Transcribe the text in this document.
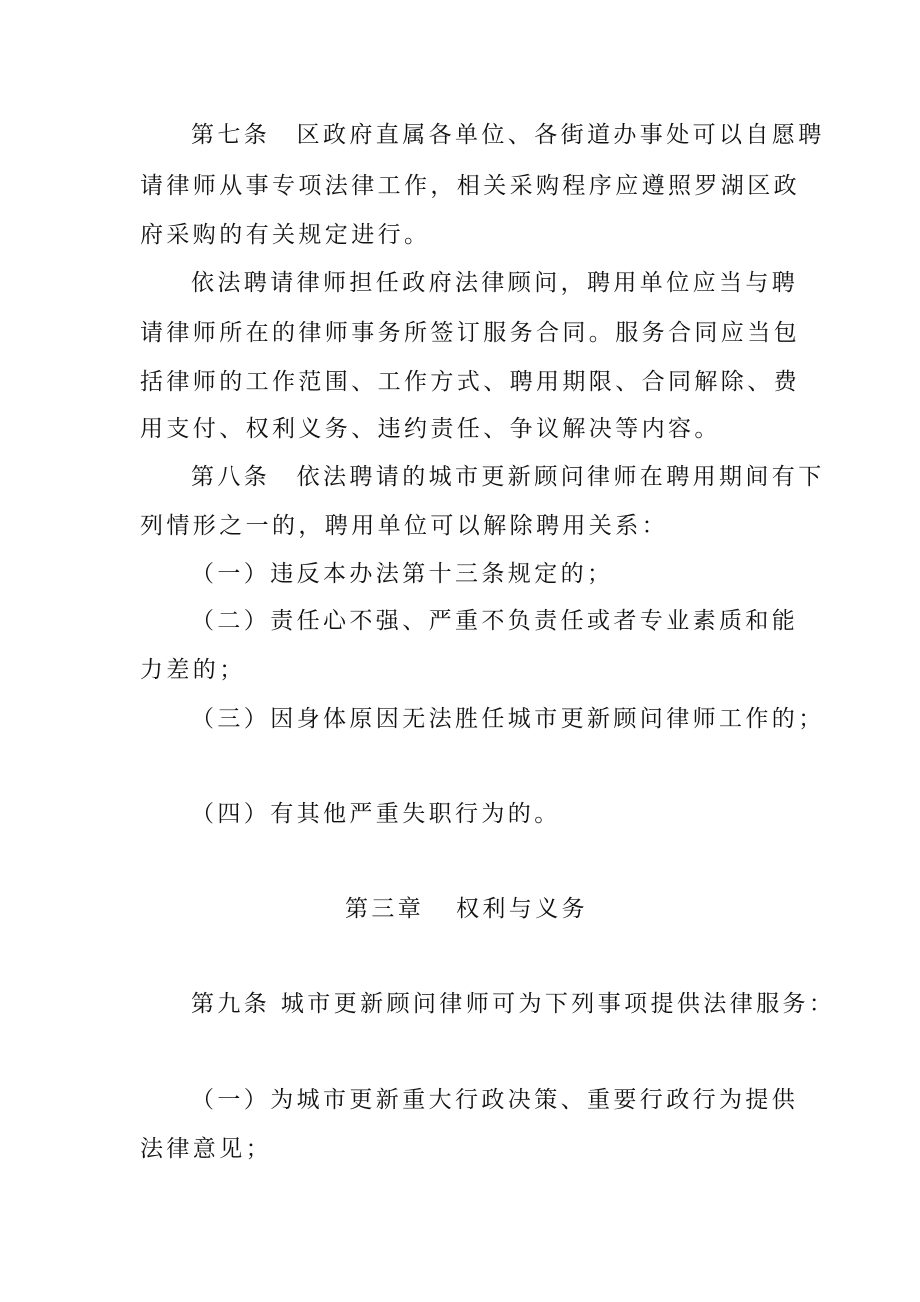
第七条　区政府直属各单位、各街道办事处可以自愿聘
请律师从事专项法律工作，相关采购程序应遵照罗湖区政
府采购的有关规定进行。
依法聘请律师担任政府法律顾问，聘用单位应当与聘
请律师所在的律师事务所签订服务合同。服务合同应当包
括律师的工作范围、工作方式、聘用期限、合同解除、费
用支付、权利义务、违约责任、争议解决等内容。
第八条　依法聘请的城市更新顾问律师在聘用期间有下
列情形之一的，聘用单位可以解除聘用关系：
（一）违反本办法第十三条规定的；
（二）责任心不强、严重不负责任或者专业素质和能
力差的；
（三）因身体原因无法胜任城市更新顾问律师工作的；
（四）有其他严重失职行为的。
第三章 权利与义务
第九条 城市更新顾问律师可为下列事项提供法律服务：
（一）为城市更新重大行政决策、重要行政行为提供
法律意见；
